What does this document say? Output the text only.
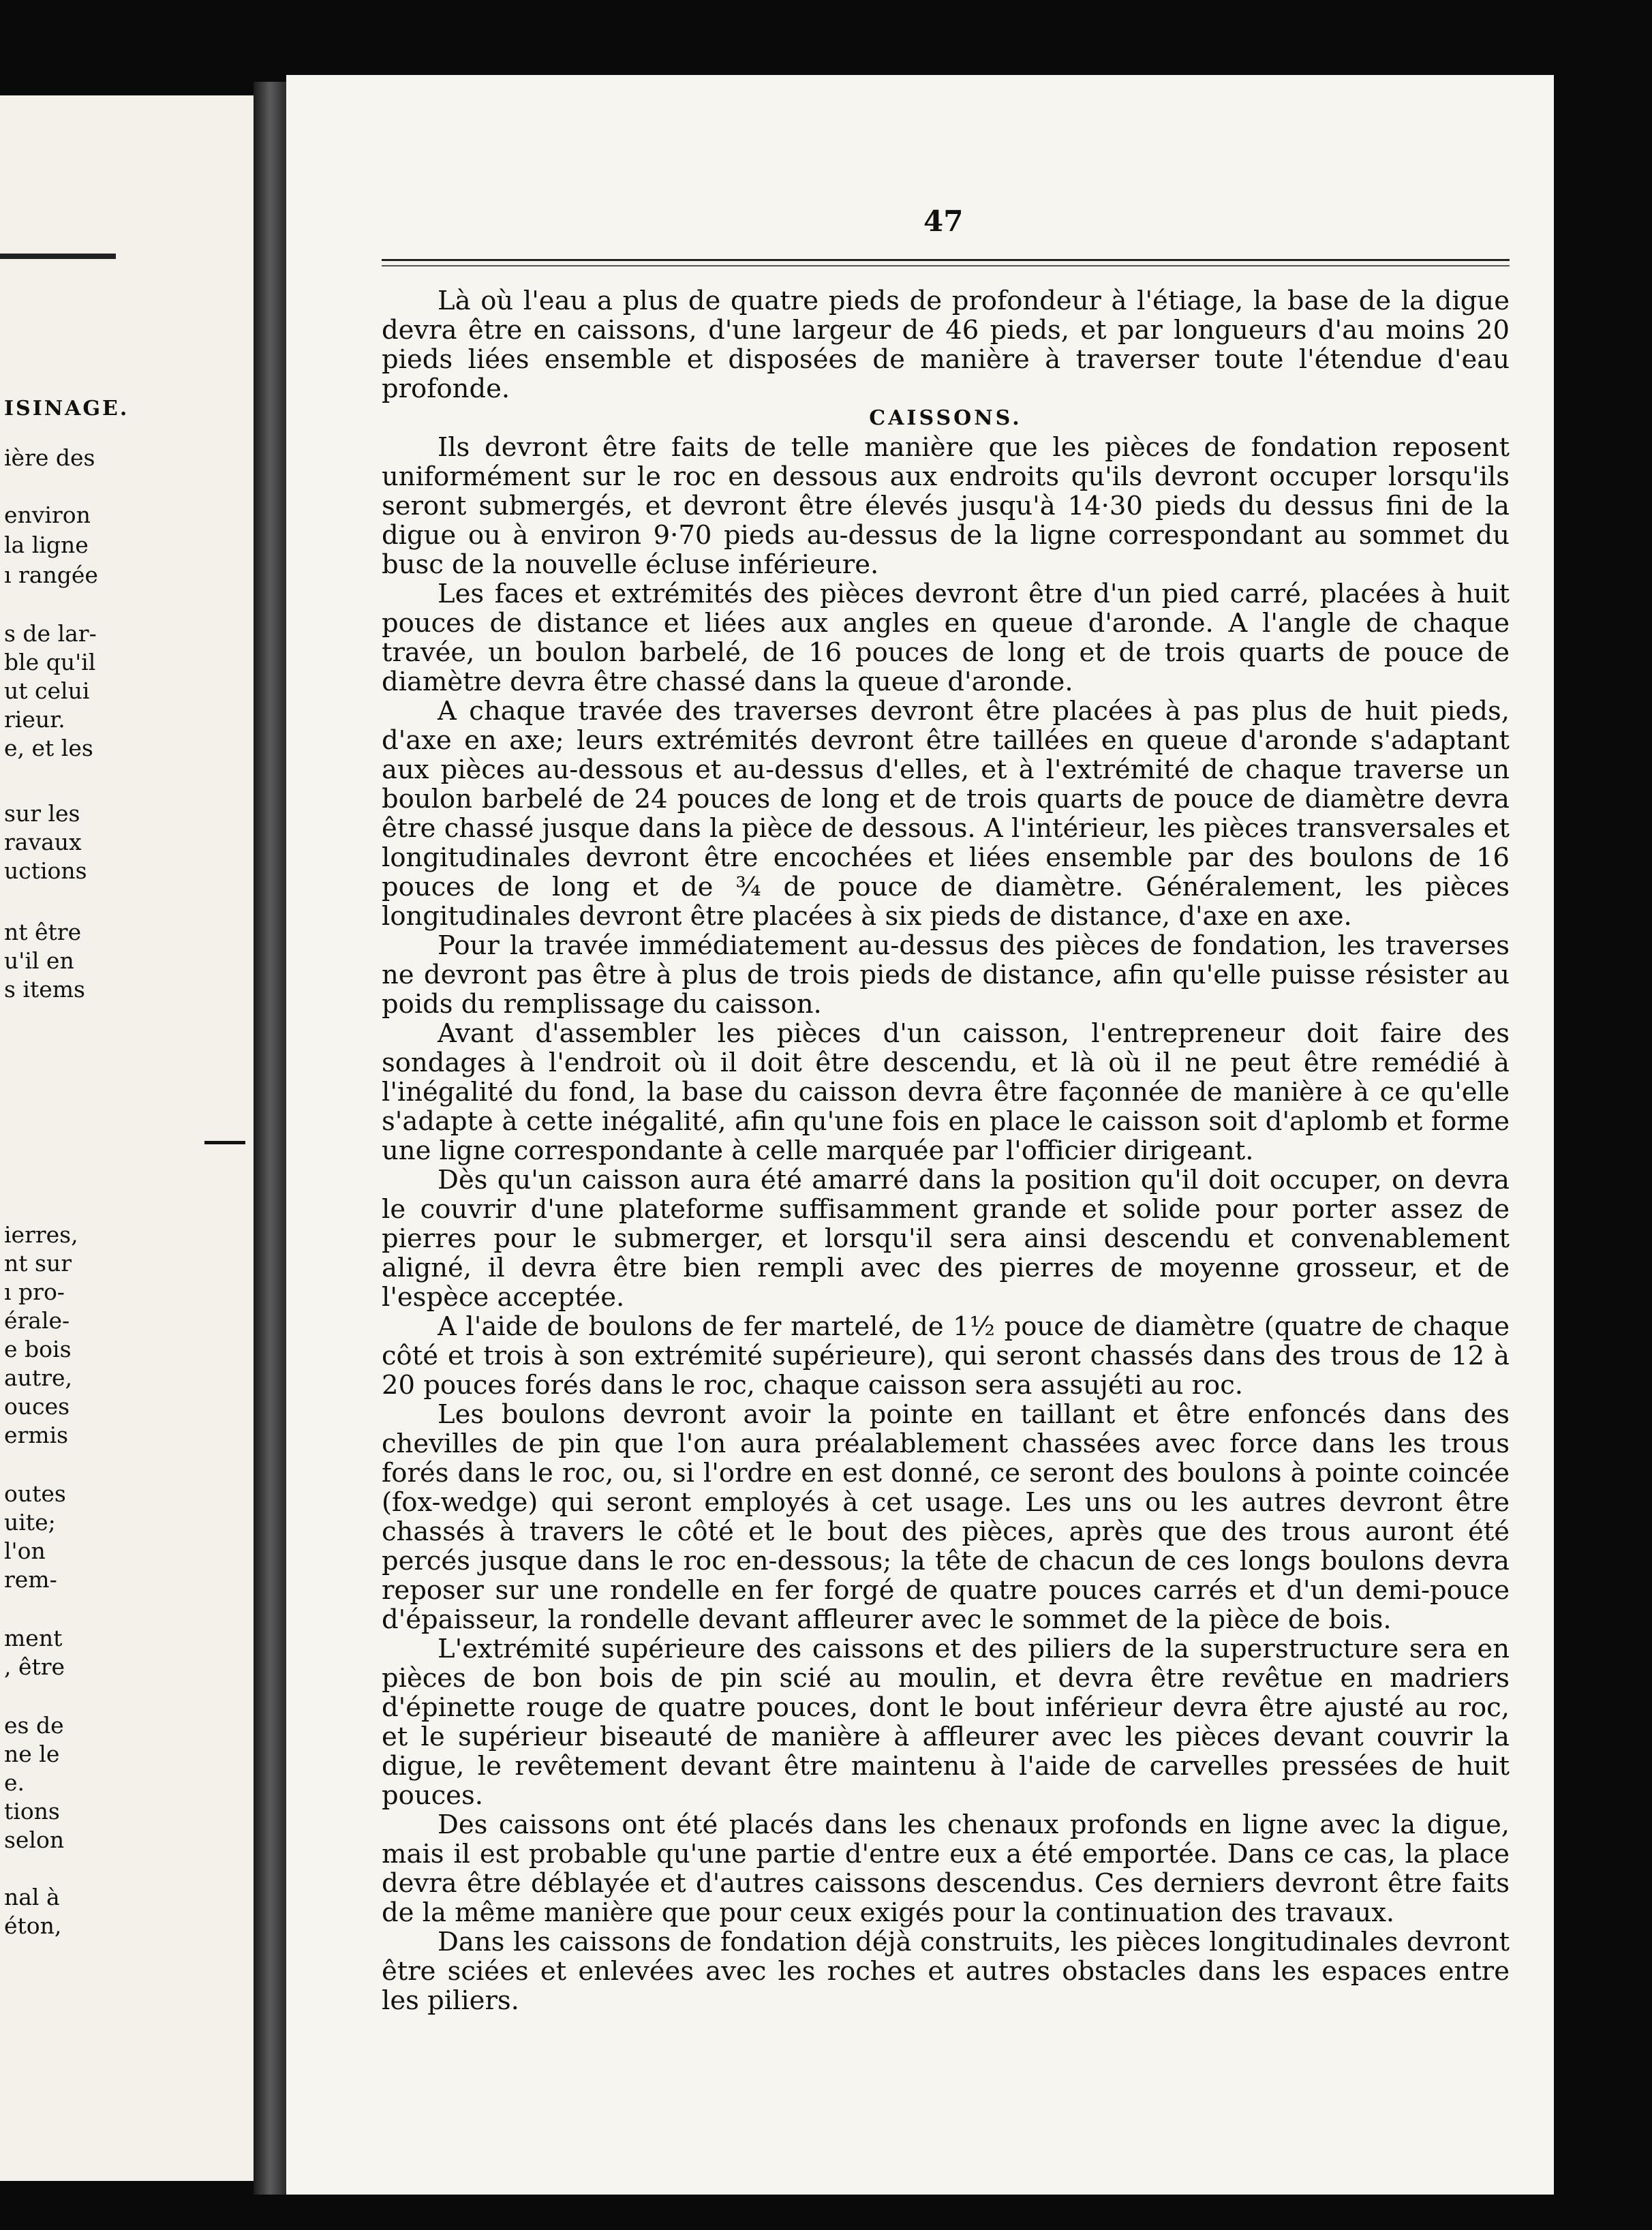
ISINAGE.
ière des
environ
la ligne
ı rangée
s de lar-
ble qu'il
ut celui
rieur.
e, et les
sur les
ravaux
uctions
nt être
u'il en
s items
ierres,
nt sur
ı pro-
érale-
e bois
autre,
ouces
ermis
outes
uite;
l'on
rem-
ment
, être
es de
ne le
e.
tions
selon
nal à
éton,
47

Là où l'eau a plus de quatre pieds de profondeur à l'étiage, la base de la digue devra être en caissons, d'une largeur de 46 pieds, et par longueurs d'au moins 20 pieds liées ensemble et disposées de manière à traverser toute l'étendue d'eau profonde.

CAISSONS.

Ils devront être faits de telle manière que les pièces de fondation reposent uniformément sur le roc en dessous aux endroits qu'ils devront occuper lorsqu'ils seront submergés, et devront être élevés jusqu'à 14·30 pieds du dessus fini de la digue ou à environ 9·70 pieds au-dessus de la ligne correspondant au sommet du busc de la nouvelle écluse inférieure.

Les faces et extrémités des pièces devront être d'un pied carré, placées à huit pouces de distance et liées aux angles en queue d'aronde. A l'angle de chaque travée, un boulon barbelé, de 16 pouces de long et de trois quarts de pouce de diamètre devra être chassé dans la queue d'aronde.

A chaque travée des traverses devront être placées à pas plus de huit pieds, d'axe en axe; leurs extrémités devront être taillées en queue d'aronde s'adaptant aux pièces au-dessous et au-dessus d'elles, et à l'extrémité de chaque traverse un boulon barbelé de 24 pouces de long et de trois quarts de pouce de diamètre devra être chassé jusque dans la pièce de dessous. A l'intérieur, les pièces transversales et longitudinales devront être encochées et liées ensemble par des boulons de 16 pouces de long et de ¾ de pouce de diamètre. Généralement, les pièces longitudinales devront être placées à six pieds de distance, d'axe en axe.

Pour la travée immédiatement au-dessus des pièces de fondation, les traverses ne devront pas être à plus de trois pieds de distance, afin qu'elle puisse résister au poids du remplissage du caisson.

Avant d'assembler les pièces d'un caisson, l'entrepreneur doit faire des sondages à l'endroit où il doit être descendu, et là où il ne peut être remédié à l'inégalité du fond, la base du caisson devra être façonnée de manière à ce qu'elle s'adapte à cette inégalité, afin qu'une fois en place le caisson soit d'aplomb et forme une ligne correspondante à celle marquée par l'officier dirigeant.

Dès qu'un caisson aura été amarré dans la position qu'il doit occuper, on devra le couvrir d'une plateforme suffisamment grande et solide pour porter assez de pierres pour le submerger, et lorsqu'il sera ainsi descendu et convenablement aligné, il devra être bien rempli avec des pierres de moyenne grosseur, et de l'espèce acceptée.

A l'aide de boulons de fer martelé, de 1½ pouce de diamètre (quatre de chaque côté et trois à son extrémité supérieure), qui seront chassés dans des trous de 12 à 20 pouces forés dans le roc, chaque caisson sera assujéti au roc.

Les boulons devront avoir la pointe en taillant et être enfoncés dans des chevilles de pin que l'on aura préalablement chassées avec force dans les trous forés dans le roc, ou, si l'ordre en est donné, ce seront des boulons à pointe coincée (fox-wedge) qui seront employés à cet usage. Les uns ou les autres devront être chassés à travers le côté et le bout des pièces, après que des trous auront été percés jusque dans le roc en-dessous; la tête de chacun de ces longs boulons devra reposer sur une rondelle en fer forgé de quatre pouces carrés et d'un demi-pouce d'épaisseur, la rondelle devant affleurer avec le sommet de la pièce de bois.

L'extrémité supérieure des caissons et des piliers de la superstructure sera en pièces de bon bois de pin scié au moulin, et devra être revêtue en madriers d'épinette rouge de quatre pouces, dont le bout inférieur devra être ajusté au roc, et le supérieur biseauté de manière à affleurer avec les pièces devant couvrir la digue, le revêtement devant être maintenu à l'aide de carvelles pressées de huit pouces.

Des caissons ont été placés dans les chenaux profonds en ligne avec la digue, mais il est probable qu'une partie d'entre eux a été emportée. Dans ce cas, la place devra être déblayée et d'autres caissons descendus. Ces derniers devront être faits de la même manière que pour ceux exigés pour la continuation des travaux.

Dans les caissons de fondation déjà construits, les pièces longitudinales devront être sciées et enlevées avec les roches et autres obstacles dans les espaces entre les piliers.
